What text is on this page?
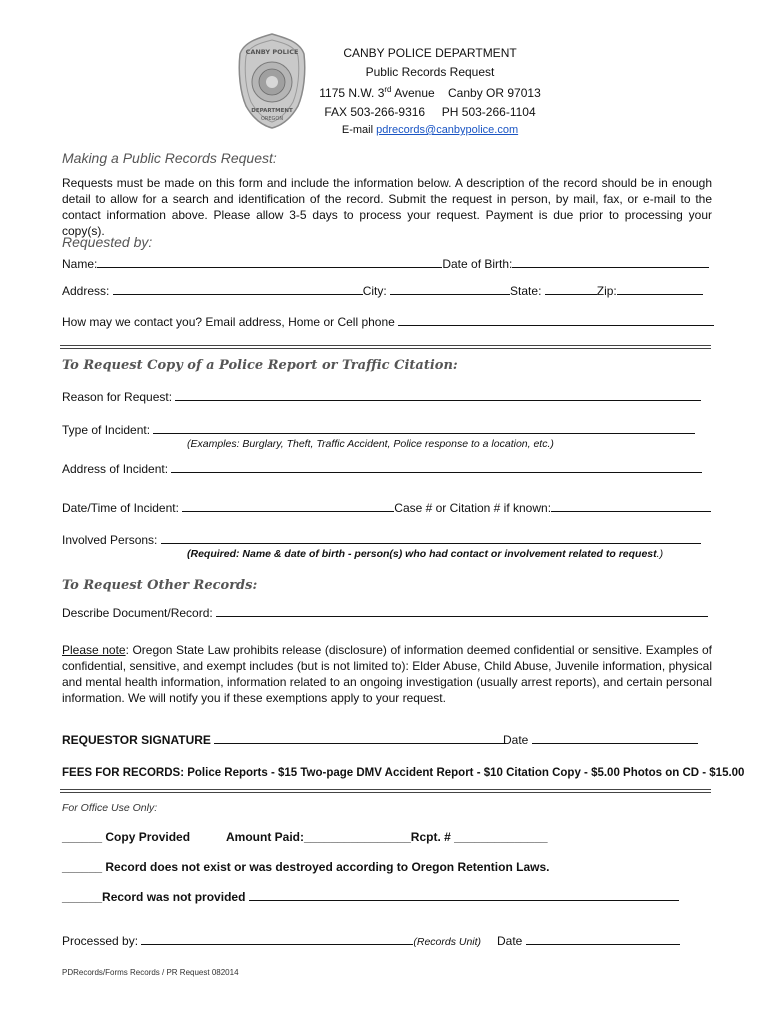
CANBY POLICE
DEPARTMENT
OREGON
CANBY POLICE DEPARTMENT
Public Records Request
1175 N.W. 3rd Avenue Canby OR 97013
FAX 503-266-9316 PH 503-266-1104
E-mail pdrecords@canbypolice.com
Making a Public Records Request:
Requests must be made on this form and include the information below. A description of the record should be in enough detail to allow for a search and identification of the record. Submit the request in person, by mail, fax, or e-mail to the contact information above. Please allow 3-5 days to process your request. Payment is due prior to processing your copy(s).
Requested by:
Name:	Date of Birth:
Address:	City:	State:	Zip:
How may we contact you? Email address, Home or Cell phone
To Request Copy of a Police Report or Traffic Citation:
Reason for Request:
Type of Incident:
(Examples: Burglary, Theft, Traffic Accident, Police response to a location, etc.)
Address of Incident:
Date/Time of Incident:	Case # or Citation # if known:
Involved Persons:
(Required: Name & date of birth - person(s) who had contact or involvement related to request.)
To Request Other Records:
Describe Document/Record:
Please note: Oregon State Law prohibits release (disclosure) of information deemed confidential or sensitive. Examples of confidential, sensitive, and exempt includes (but is not limited to): Elder Abuse, Child Abuse, Juvenile information, physical and mental health information, information related to an ongoing investigation (usually arrest reports), and certain personal information. We will notify you if these exemptions apply to your request.
REQUESTOR SIGNATURE	Date
FEES FOR RECORDS: Police Reports - $15 Two-page DMV Accident Report - $10 Citation Copy - $5.00 Photos on CD - $15.00
For Office Use Only:
______ Copy Provided	Amount Paid:________________Rcpt. # ______________
______ Record does not exist or was destroyed according to Oregon Retention Laws.
______Record was not provided
Processed by:	(Records Unit) Date
PDRecords/Forms Records / PR Request 082014
